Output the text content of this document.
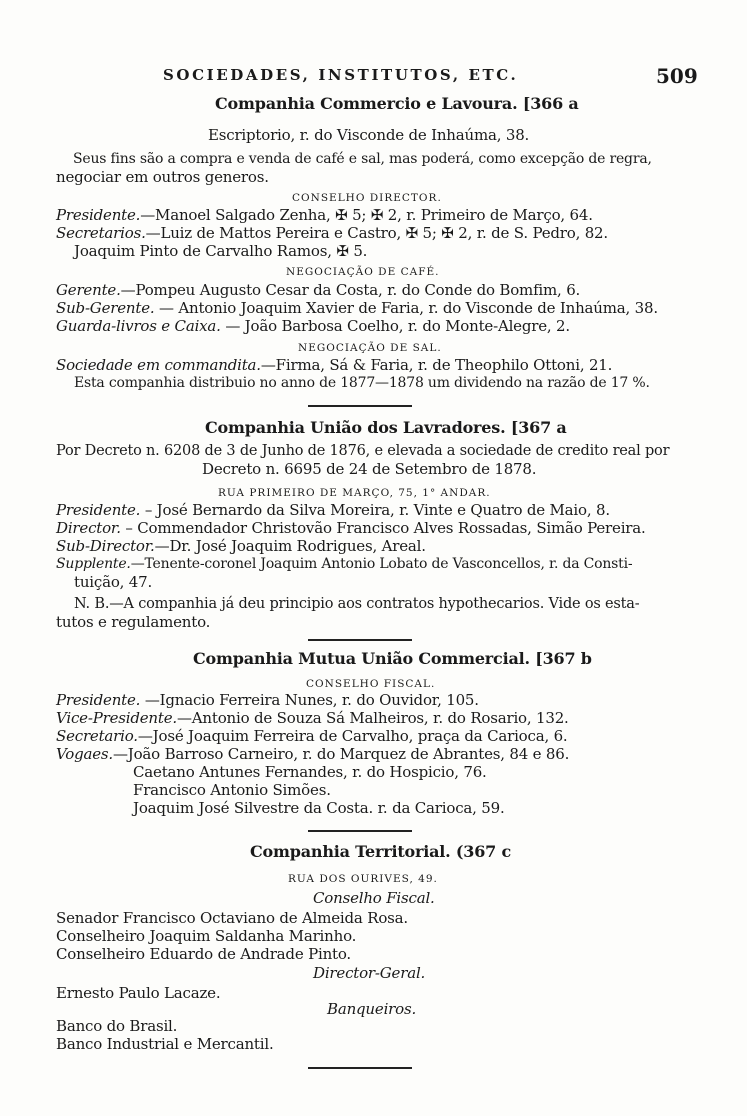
SOCIEDADES, INSTITUTOS, ETC.	509
Companhia Commercio e Lavoura. [366 a
Escriptorio, r. do Visconde de Inhaúma, 38.
Seus fins são a compra e venda de café e sal, mas poderá, como excepção de regra,
negociar em outros generos.
CONSELHO DIRECTOR.
Presidente.—Manoel Salgado Zenha, ✠ 5; ✠ 2, r. Primeiro de Março, 64.
Secretarios.—Luiz de Mattos Pereira e Castro, ✠ 5; ✠ 2, r. de S. Pedro, 82.
Joaquim Pinto de Carvalho Ramos, ✠ 5.
NEGOCIAÇÃO DE CAFÉ.
Gerente.—Pompeu Augusto Cesar da Costa, r. do Conde do Bomfim, 6.
Sub-Gerente. — Antonio Joaquim Xavier de Faria, r. do Visconde de Inhaúma, 38.
Guarda-livros e Caixa. — João Barbosa Coelho, r. do Monte-Alegre, 2.
NEGOCIAÇÃO DE SAL.
Sociedade em commandita.—Firma, Sá & Faria, r. de Theophilo Ottoni, 21.
Esta companhia distribuio no anno de 1877—1878 um dividendo na razão de 17 %.
Companhia União dos Lavradores. [367 a
Por Decreto n. 6208 de 3 de Junho de 1876, e elevada a sociedade de credito real por
Decreto n. 6695 de 24 de Setembro de 1878.
RUA PRIMEIRO DE MARÇO, 75, 1° ANDAR.
Presidente. – José Bernardo da Silva Moreira, r. Vinte e Quatro de Maio, 8.
Director. – Commendador Christovão Francisco Alves Rossadas, Simão Pereira.
Sub-Director.—Dr. José Joaquim Rodrigues, Areal.
Supplente.—Tenente-coronel Joaquim Antonio Lobato de Vasconcellos, r. da Consti-
tuição, 47.
N. B.—A companhia já deu principio aos contratos hypothecarios. Vide os esta-
tutos e regulamento.
Companhia Mutua União Commercial. [367 b
CONSELHO FISCAL.
Presidente. —Ignacio Ferreira Nunes, r. do Ouvidor, 105.
Vice-Presidente.—Antonio de Souza Sá Malheiros, r. do Rosario, 132.
Secretario.—José Joaquim Ferreira de Carvalho, praça da Carioca, 6.
Vogaes.—João Barroso Carneiro, r. do Marquez de Abrantes, 84 e 86.
Caetano Antunes Fernandes, r. do Hospicio, 76.
Francisco Antonio Simões.
Joaquim José Silvestre da Costa. r. da Carioca, 59.
Companhia Territorial. (367 c
RUA DOS OURIVES, 49.
Conselho Fiscal.
Senador Francisco Octaviano de Almeida Rosa.
Conselheiro Joaquim Saldanha Marinho.
Conselheiro Eduardo de Andrade Pinto.
Director-Geral.
Ernesto Paulo Lacaze.
Banqueiros.
Banco do Brasil.
Banco Industrial e Mercantil.
